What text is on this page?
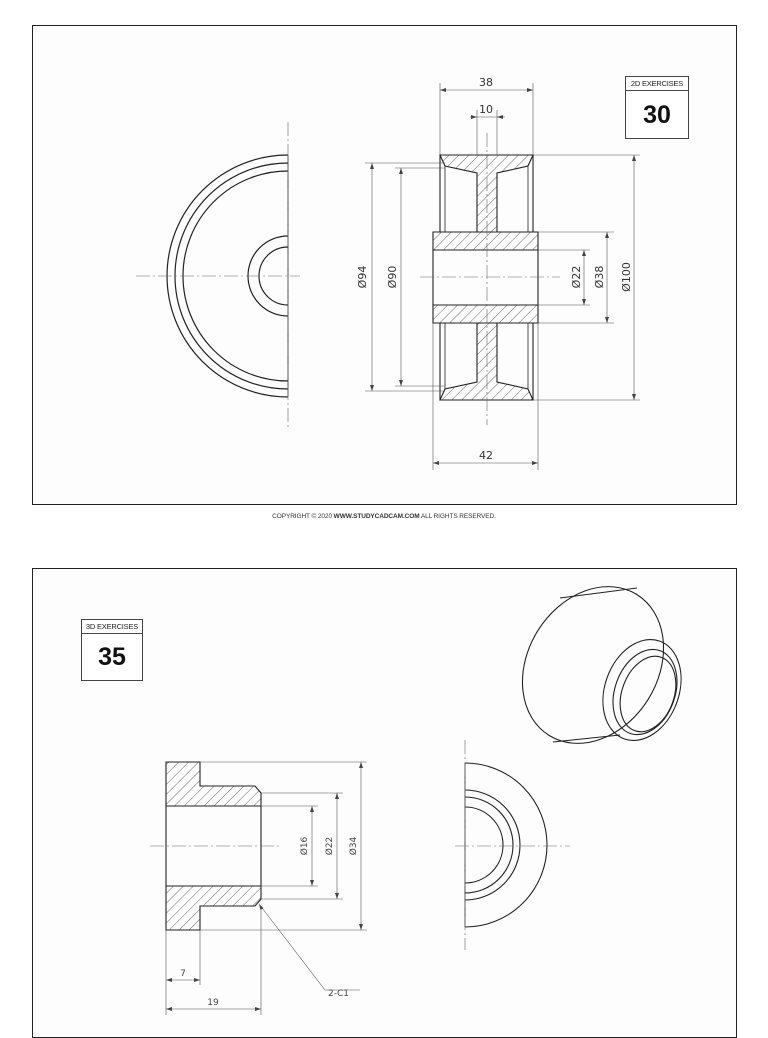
2D EXERCISES
30
38
10
42
Ø94 Ø90	Ø22 Ø38 Ø100
COPYRIGHT © 2020 WWW.STUDYCADCAM.COM ALL RIGHTS RESERVED.
3D EXERCISES
35
Ø16 Ø22 Ø34
7
19
2-C1
